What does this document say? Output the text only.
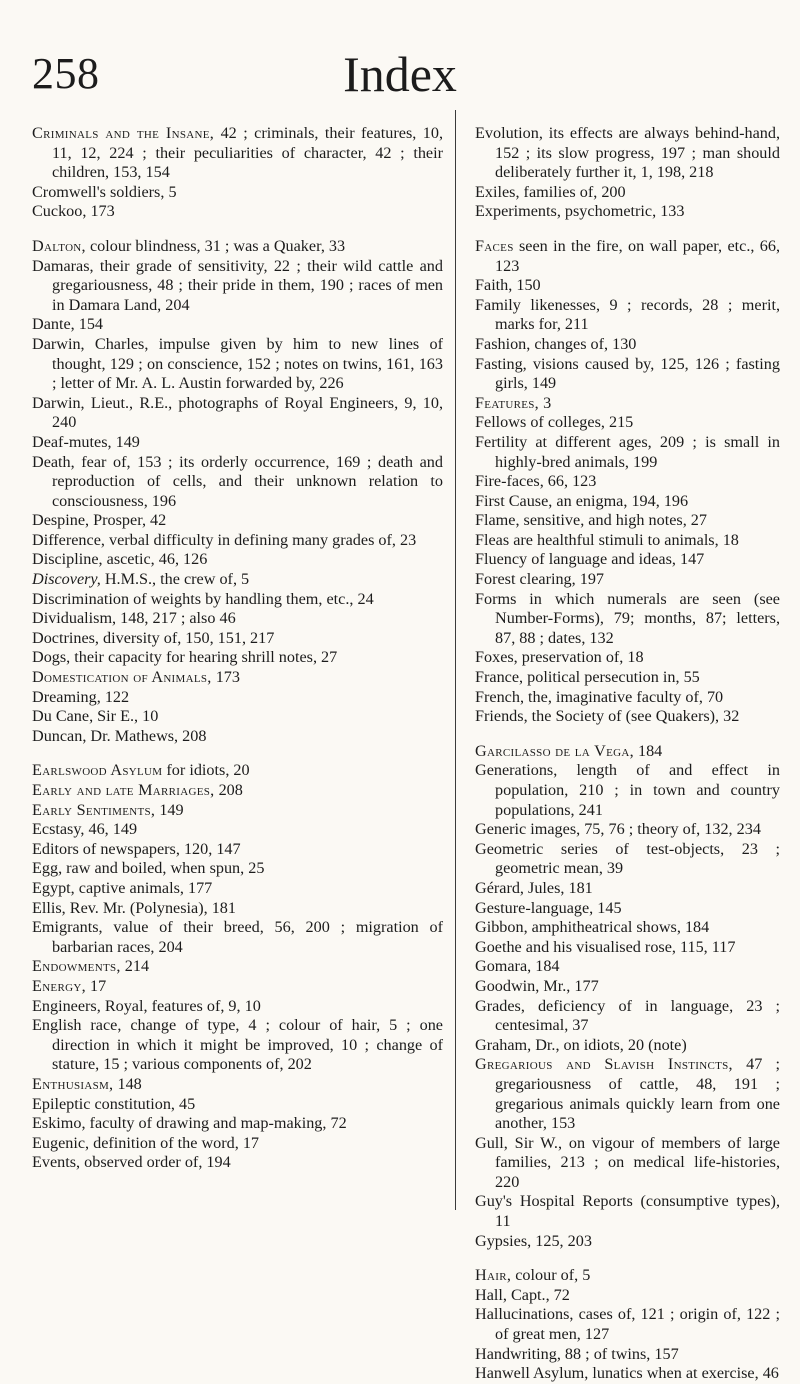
258	Index
Criminals and the Insane, 42 ; criminals, their features, 10, 11, 12, 224 ; their peculiarities of character, 42 ; their children, 153, 154
Cromwell's soldiers, 5
Cuckoo, 173
Dalton, colour blindness, 31 ; was a Quaker, 33
Damaras, their grade of sensitivity, 22 ; their wild cattle and gregariousness, 48 ; their pride in them, 190 ; races of men in Damara Land, 204
Dante, 154
Darwin, Charles, impulse given by him to new lines of thought, 129 ; on conscience, 152 ; notes on twins, 161, 163 ; letter of Mr. A. L. Austin forwarded by, 226
Darwin, Lieut., R.E., photographs of Royal Engineers, 9, 10, 240
Deaf-mutes, 149
Death, fear of, 153 ; its orderly occurrence, 169 ; death and reproduction of cells, and their unknown relation to consciousness, 196
Despine, Prosper, 42
Difference, verbal difficulty in defining many grades of, 23
Discipline, ascetic, 46, 126
Discovery, H.M.S., the crew of, 5
Discrimination of weights by handling them, etc., 24
Dividualism, 148, 217 ; also 46
Doctrines, diversity of, 150, 151, 217
Dogs, their capacity for hearing shrill notes, 27
Domestication of Animals, 173
Dreaming, 122
Du Cane, Sir E., 10
Duncan, Dr. Mathews, 208
Earlswood Asylum for idiots, 20
Early and late Marriages, 208
Early Sentiments, 149
Ecstasy, 46, 149
Editors of newspapers, 120, 147
Egg, raw and boiled, when spun, 25
Egypt, captive animals, 177
Ellis, Rev. Mr. (Polynesia), 181
Emigrants, value of their breed, 56, 200 ; migration of barbarian races, 204
Endowments, 214
Energy, 17
Engineers, Royal, features of, 9, 10
English race, change of type, 4 ; colour of hair, 5 ; one direction in which it might be improved, 10 ; change of stature, 15 ; various components of, 202
Enthusiasm, 148
Epileptic constitution, 45
Eskimo, faculty of drawing and map-making, 72
Eugenic, definition of the word, 17
Events, observed order of, 194
Evolution, its effects are always behind-hand, 152 ; its slow progress, 197 ; man should deliberately further it, 1, 198, 218
Exiles, families of, 200
Experiments, psychometric, 133
Faces seen in the fire, on wall paper, etc., 66, 123
Faith, 150
Family likenesses, 9 ; records, 28 ; merit, marks for, 211
Fashion, changes of, 130
Fasting, visions caused by, 125, 126 ; fasting girls, 149
Features, 3
Fellows of colleges, 215
Fertility at different ages, 209 ; is small in highly-bred animals, 199
Fire-faces, 66, 123
First Cause, an enigma, 194, 196
Flame, sensitive, and high notes, 27
Fleas are healthful stimuli to animals, 18
Fluency of language and ideas, 147
Forest clearing, 197
Forms in which numerals are seen (see Number-Forms), 79; months, 87; letters, 87, 88 ; dates, 132
Foxes, preservation of, 18
France, political persecution in, 55
French, the, imaginative faculty of, 70
Friends, the Society of (see Quakers), 32
Garcilasso de la Vega, 184
Generations, length of and effect in population, 210 ; in town and country populations, 241
Generic images, 75, 76 ; theory of, 132, 234
Geometric series of test-objects, 23 ; geometric mean, 39
Gérard, Jules, 181
Gesture-language, 145
Gibbon, amphitheatrical shows, 184
Goethe and his visualised rose, 115, 117
Gomara, 184
Goodwin, Mr., 177
Grades, deficiency of in language, 23 ; centesimal, 37
Graham, Dr., on idiots, 20 (note)
Gregarious and Slavish Instincts, 47 ; gregariousness of cattle, 48, 191 ; gregarious animals quickly learn from one another, 153
Gull, Sir W., on vigour of members of large families, 213 ; on medical life-histories, 220
Guy's Hospital Reports (consumptive types), 11
Gypsies, 125, 203
Hair, colour of, 5
Hall, Capt., 72
Hallucinations, cases of, 121 ; origin of, 122 ; of great men, 127
Handwriting, 88 ; of twins, 157
Hanwell Asylum, lunatics when at exercise, 46
